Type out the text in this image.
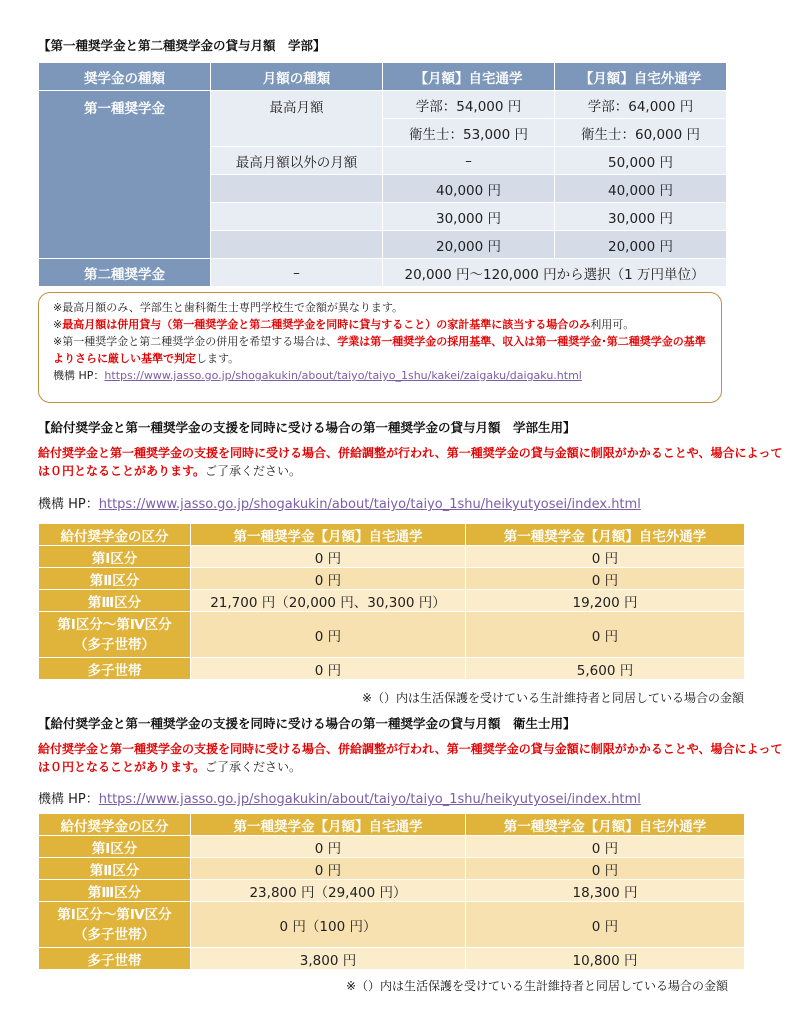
【第一種奨学金と第二種奨学金の貸与月額　学部】
奨学金の種類	月額の種類	【月額】自宅通学	【月額】自宅外通学
第一種奨学金	最高月額	学部：54,000 円	学部：64,000 円
		衛生士：53,000 円	衛生士：60,000 円
	最高月額以外の月額	–	50,000 円
		40,000 円	40,000 円
		30,000 円	30,000 円
		20,000 円	20,000 円
第二種奨学金	–	20,000 円～120,000 円から選択（1 万円単位）	
※最高月額のみ、学部生と歯科衛生士専門学校生で金額が異なります。
※最高月額は併用貸与（第一種奨学金と第二種奨学金を同時に貸与すること）の家計基準に該当する場合のみ利用可。
※第一種奨学金と第二種奨学金の併用を希望する場合は、学業は第一種奨学金の採用基準、収入は第一種奨学金･第二種奨学金の基準よりさらに厳しい基準で判定します。
機構 HP：https://www.jasso.go.jp/shogakukin/about/taiyo/taiyo_1shu/kakei/zaigaku/daigaku.html
【給付奨学金と第一種奨学金の支援を同時に受ける場合の第一種奨学金の貸与月額　学部生用】
給付奨学金と第一種奨学金の支援を同時に受ける場合、併給調整が行われ、第一種奨学金の貸与金額に制限がかかることや、場合によっては０円となることがあります。ご了承ください。
機構 HP：https://www.jasso.go.jp/shogakukin/about/taiyo/taiyo_1shu/heikyutyosei/index.html
給付奨学金の区分	第一種奨学金【月額】自宅通学	第一種奨学金【月額】自宅外通学
第Ⅰ区分	0 円	0 円
第Ⅱ区分	0 円	0 円
第Ⅲ区分	21,700 円（20,000 円、30,300 円）	19,200 円

第Ⅰ区分～第Ⅳ区分
（多子世帯）	0 円	0 円
多子世帯	0 円	5,600 円
※（）内は生活保護を受けている生計維持者と同居している場合の金額
【給付奨学金と第一種奨学金の支援を同時に受ける場合の第一種奨学金の貸与月額　衛生士用】
給付奨学金と第一種奨学金の支援を同時に受ける場合、併給調整が行われ、第一種奨学金の貸与金額に制限がかかることや、場合によっては０円となることがあります。ご了承ください。
機構 HP：https://www.jasso.go.jp/shogakukin/about/taiyo/taiyo_1shu/heikyutyosei/index.html
給付奨学金の区分	第一種奨学金【月額】自宅通学	第一種奨学金【月額】自宅外通学
第Ⅰ区分	0 円	0 円
第Ⅱ区分	0 円	0 円
第Ⅲ区分	23,800 円（29,400 円）	18,300 円

第Ⅰ区分～第Ⅳ区分
（多子世帯）	0 円（100 円）	0 円
多子世帯	3,800 円	10,800 円
※（）内は生活保護を受けている生計維持者と同居している場合の金額
